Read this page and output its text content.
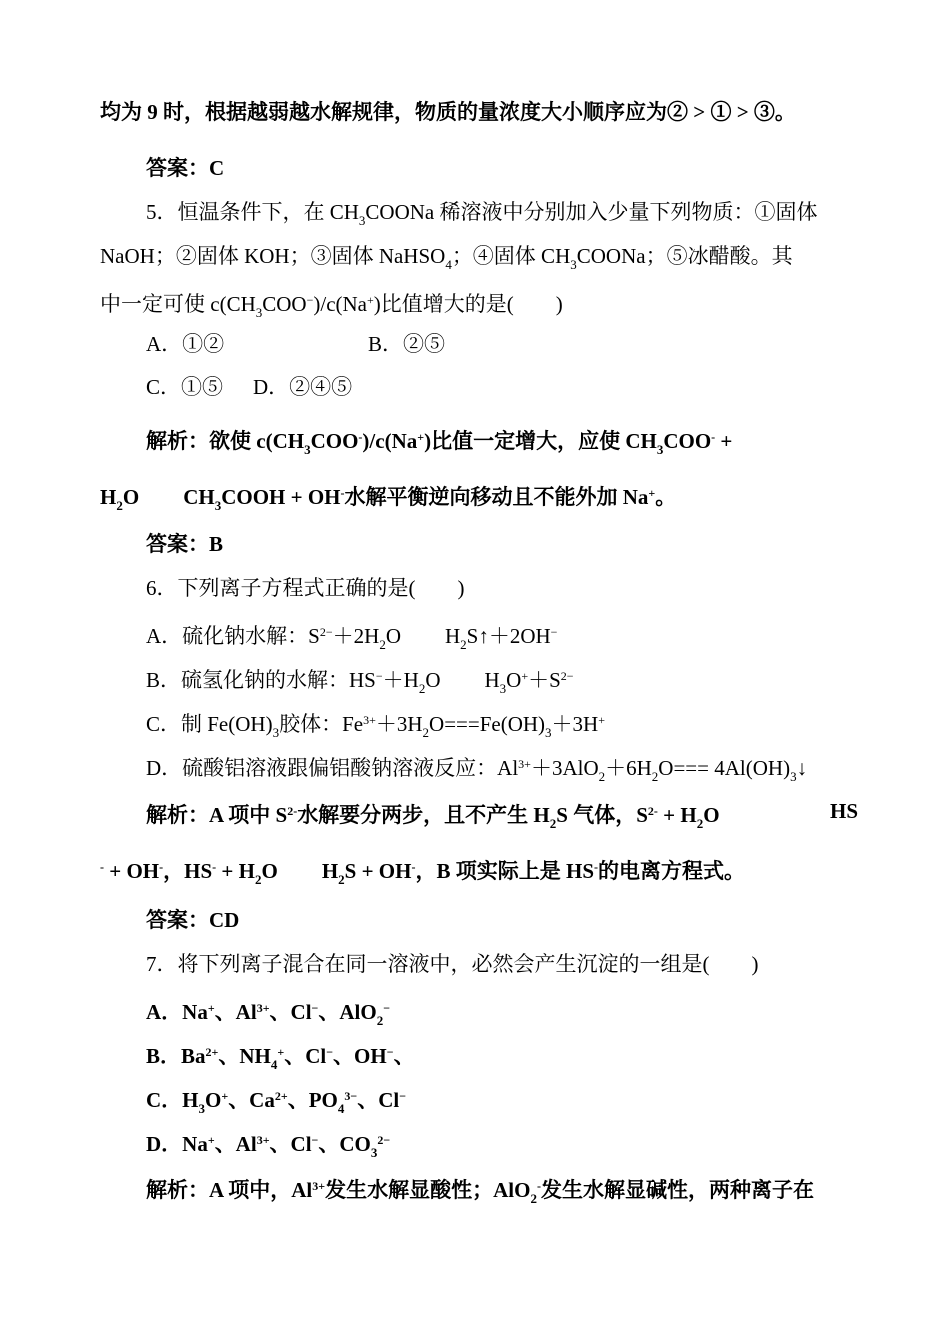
均为 9 时，根据越弱越水解规律，物质的量浓度大小顺序应为② > ① > ③。
答案：C
5．恒温条件下，在 $CH_3COONa$ 稀溶液中分别加入少量下列物质：①固体
NaOH；②固体 KOH；③固体 NaHSO$_4$；④固体 $CH_3COONa$；⑤冰醋酸。其
中一定可使 $c(CH_3COO^-)/c(Na^+)$比值增大的是(　　)
A．①②	B．②⑤
C．①⑤ D．②④⑤
解析：欲使 $c(CH_3COO^-)/c(Na^+)$比值一定增大，应使 $CH_3COO^-$ +
$H_2O$ $CH_3COOH + OH^-$水解平衡逆向移动且不能外加 Na+。
答案：B
6．下列离子方程式正确的是(　　)
A．硫化钠水解：$S^{2-}+2H_2O$ $H_2S↑+2OH^-$
B．硫氢化钠的水解：$HS^-+H_2O$ $H_3O^++S^{2-}$
C．制 $Fe(OH)_3$胶体：$Fe^{3+}+3H_2O===Fe(OH)_3+3H^+$
D．硫酸铝溶液跟偏铝酸钠溶液反应：$Al^{3+}+3AlO_2+6H_2O===$ $4Al(OH)_3↓$
解析：A 项中 $S^{2-}$水解要分两步，且不产生 $H_2S$ 气体，$S^{2-} + H_2O$	HS
- + OH-，$HS^- + H_2O$ $H_2S + OH^-$，B 项实际上是 HS-的电离方程式。
答案：CD
7．将下列离子混合在同一溶液中，必然会产生沉淀的一组是(　　)
A．Na+、$Al^{3+}$、Cl−、AlO$_2$−
B．$Ba^{2+}$、$NH_4^+$、Cl−、OH−、
C．$H_3O^+$、$Ca^{2+}$、$PO_4^{3-}$、Cl−
D．Na+、$Al^{3+}$、Cl−、$CO_3^{2-}$
解析：A 项中，$Al^{3+}$发生水解显酸性；AlO$_2$-发生水解显碱性，两种离子在
